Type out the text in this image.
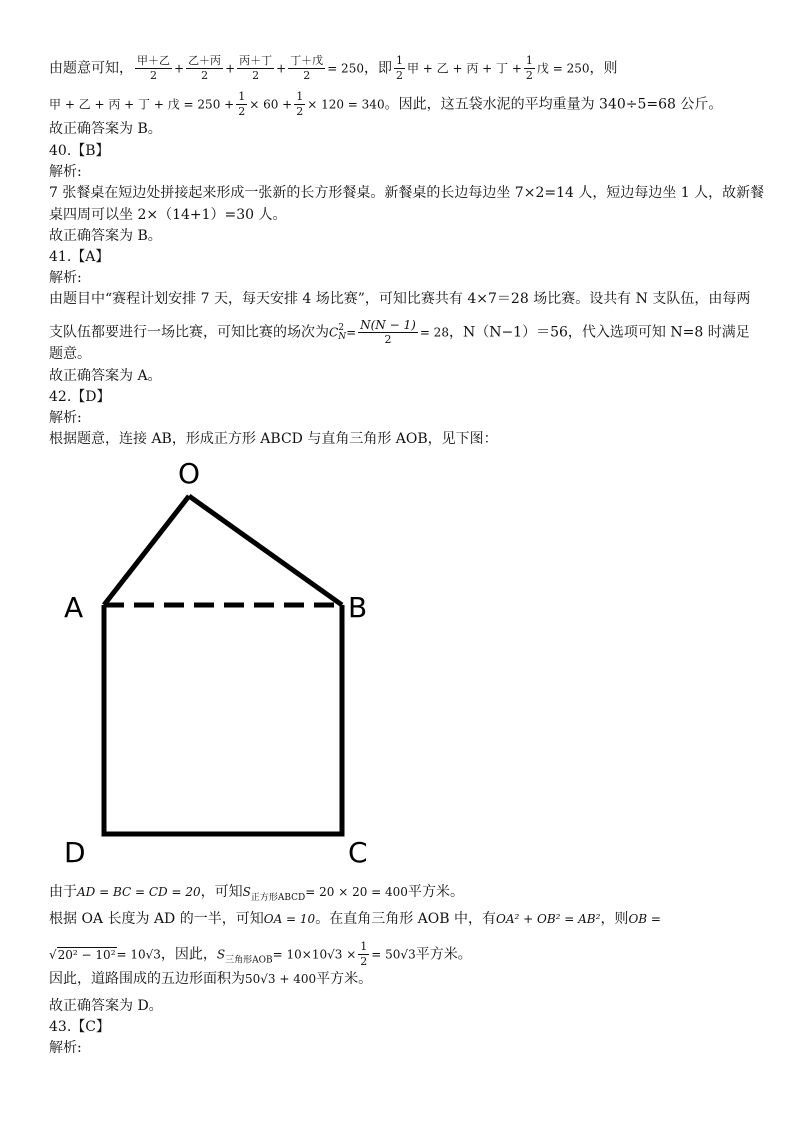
由题意可知， $\frac{\text{甲＋乙}}{2} + \frac{\text{乙＋丙}}{2} + \frac{\text{丙＋丁}}{2} + \frac{\text{丁＋戊}}{2} = 250$，即 $\frac{1}{2}$ 甲 + 乙 + 丙 + 丁 + $\frac{1}{2}$ 戊 = 250，则
甲 + 乙 + 丙 + 丁 + 戊 = $250 + \frac{1}{2} \times 60 + \frac{1}{2} \times 120 = 340$。因此，这五袋水泥的平均重量为 340÷5=68 公斤。
故正确答案为 B。
40.【B】
解析:
7 张餐桌在短边处拼接起来形成一张新的长方形餐桌。新餐桌的长边每边坐 7×2=14 人，短边每边坐 1 人，故新餐
桌四周可以坐 2×（14+1）=30 人。
故正确答案为 B。
41.【A】
解析:
由题目中“赛程计划安排 7 天，每天安排 4 场比赛”，可知比赛共有 4×7＝28 场比赛。设共有 N 支队伍，由每两
支队伍都要进行一场比赛，可知比赛的场次为C 2
$N = \frac{N(N - 1)}{2} = 28$，N（N−1）＝56，代入选项可知 N=8 时满足
题意。
故正确答案为 A。
42.【D】
解析:
根据题意，连接 AB，形成正方形 ABCD 与直角三角形 AOB，见下图：
O
A	B
D	C
由于AD = BC = CD = 20，可知$S_{正方形ABCD}= 20 \times 20 = 400$平方米。
根据 OA 长度为 AD 的一半，可知OA = 10。在直角三角形 AOB 中，有OA² + OB² = AB²，则OB =
√20² − 10²= 10√3，因此，$S_{三角形AOB}= 10\times 10√3 \times \frac{1}{2} = 50√3$平方米。
因此，道路围成的五边形面积为50√3 + 400平方米。
故正确答案为 D。
43.【C】
解析:
